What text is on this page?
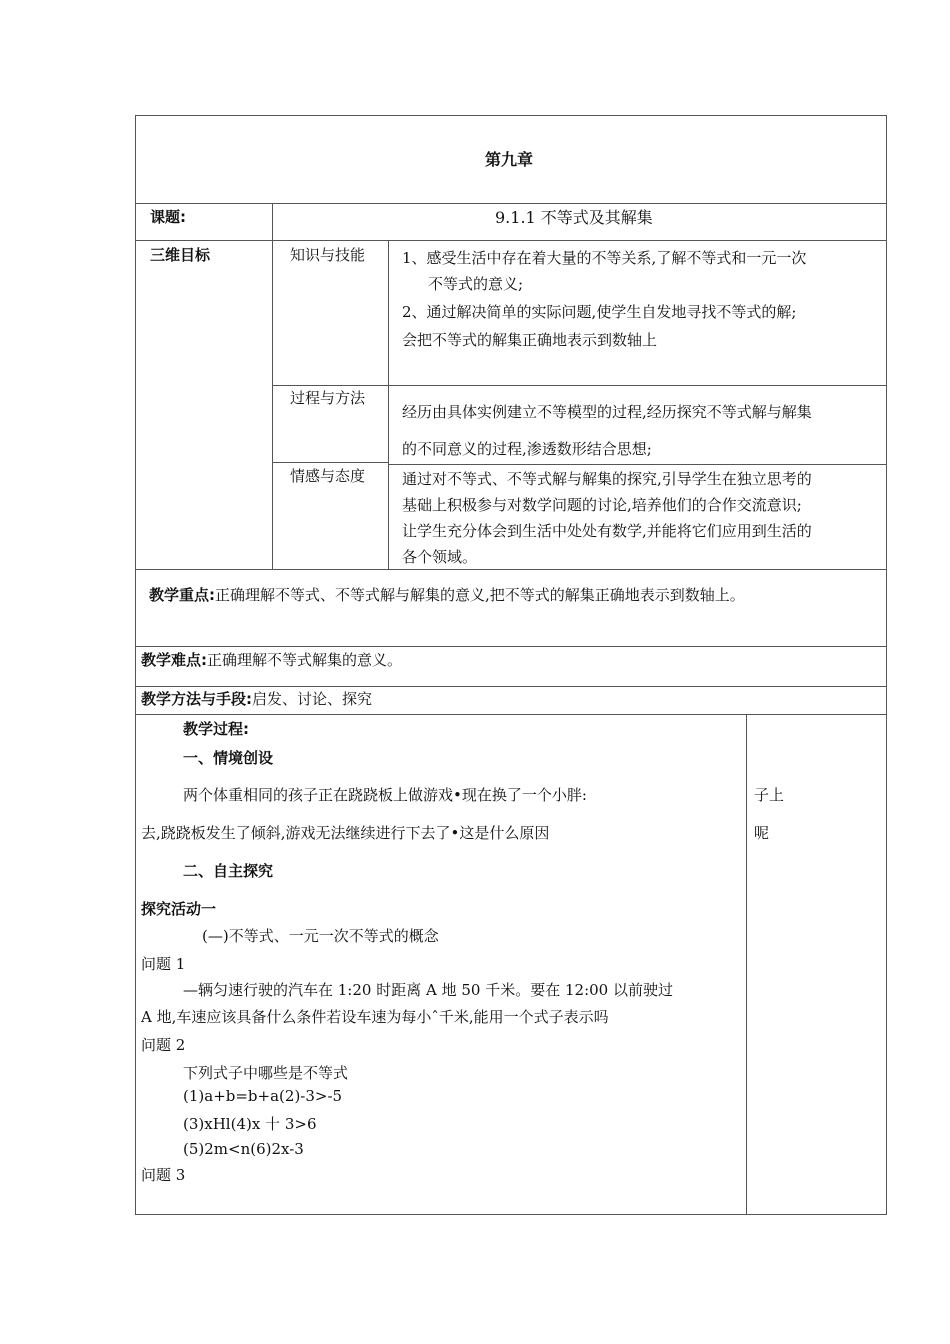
第九章
课题:	9.1.1 不等式及其解集
三维目标	知识与技能 1、感受生活中存在着大量的不等关系,了解不等式和一元一次
不等式的意义;
2、通过解决简单的实际问题,使学生自发地寻找不等式的解;
会把不等式的解集正确地表示到数轴上
过程与方法
经历由具体实例建立不等模型的过程,经历探究不等式解与解集
的不同意义的过程,渗透数形结合思想;
情感与态度 通过对不等式、不等式解与解集的探究,引导学生在独立思考的
基础上积极参与对数学问题的讨论,培养他们的合作交流意识;
让学生充分体会到生活中处处有数学,并能将它们应用到生活的
各个领域。
教学重点:正确理解不等式、不等式解与解集的意义,把不等式的解集正确地表示到数轴上。
教学难点:正确理解不等式解集的意义。
教学方法与手段:启发、讨论、探究
教学过程:
一、情境创设
两个体重相同的孩子正在跷跷板上做游戏•现在换了一个小胖:
去,跷跷板发生了倾斜,游戏无法继续进行下去了•这是什么原因
二、自主探究
探究活动一
(—)不等式、一元一次不等式的概念
问题 1
—辆匀速行驶的汽车在 1:20 时距离 A 地 50 千米。要在 12:00 以前驶过
A 地,车速应该具备什么条件若设车速为每小ˆ千米,能用一个式子表示吗
问题 2
下列式子中哪些是不等式
(1)a+b=b+a(2)-3>-5
(3)xHl(4)x 十 3>6
(5)2m<n(6)2x-3
问题 3
子上
呢
